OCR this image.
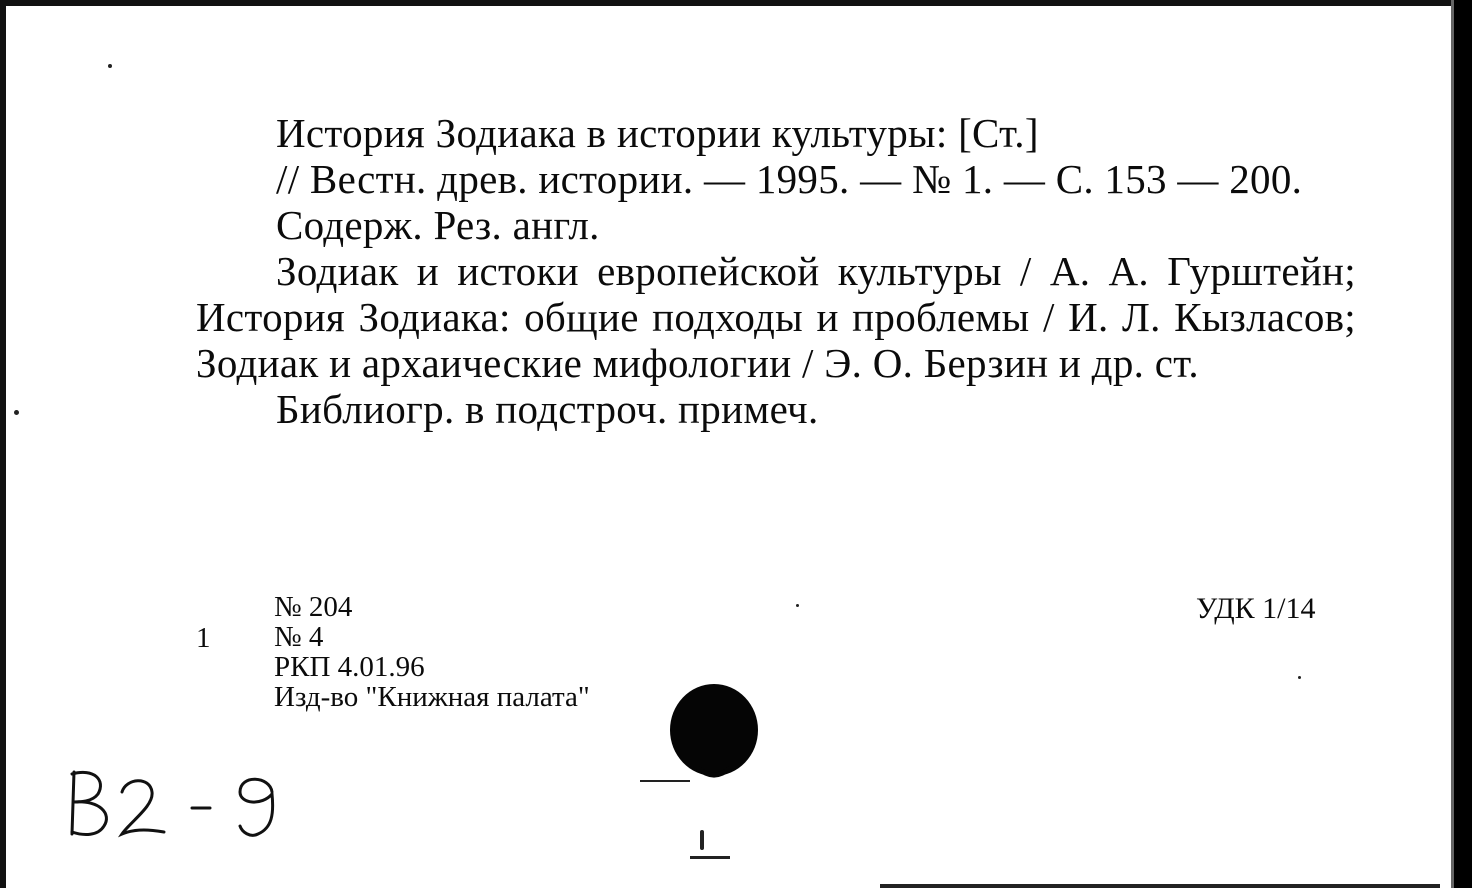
История Зодиака в истории культуры: [Ст.]

// Вестн. древ. истории. — 1995. — № 1. — С. 153 — 200.

Содерж. Рез. англ.

Зодиак и истоки европейской культуры / А. А. Гурштейн; История Зодиака: общие подходы и проблемы / И. Л. Кызласов; Зодиак и архаические мифологии / Э. О. Берзин и др. ст.

Библиогр. в подстроч. примеч.

1
№ 204
№ 4
РКП 4.01.96
Изд-во "Книжная палата"
УДК 1/14
